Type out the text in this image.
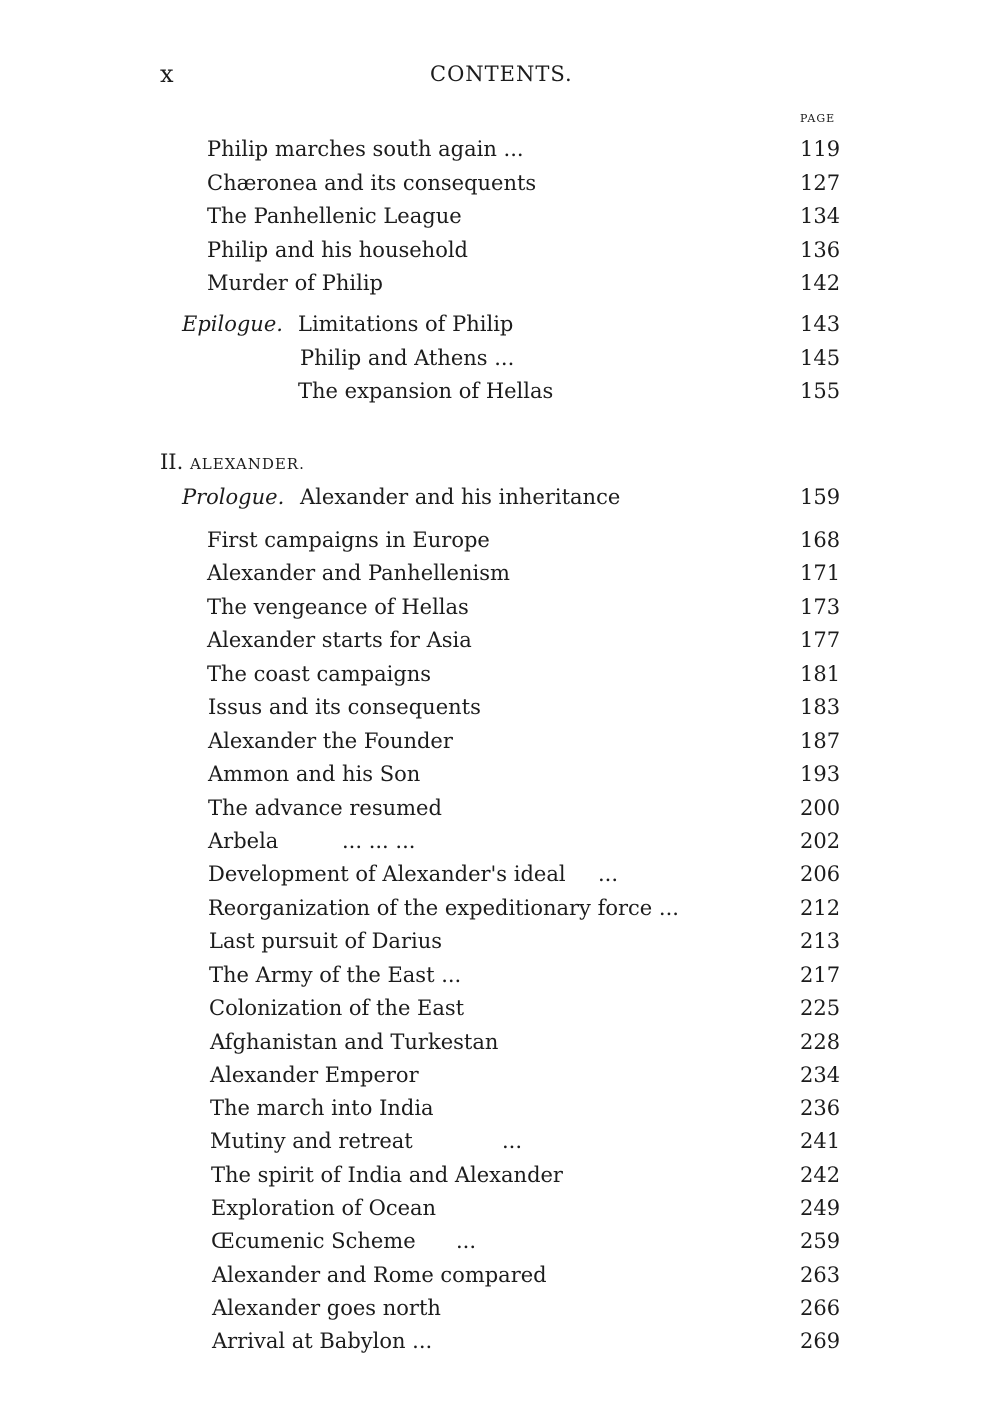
x	CONTENTS.
PAGE
Philip marches south again ...	119
Chæronea and its consequents	127
The Panhellenic League	134
Philip and his household	136
Murder of Philip	142
Epilogue. Limitations of Philip	143
Philip and Athens ...	145
The expansion of Hellas	155
II. ALEXANDER.
Prologue. Alexander and his inheritance	159
First campaigns in Europe	168
Alexander and Panhellenism	171
The vengeance of Hellas	173
Alexander starts for Asia	177
The coast campaigns	181
Issus and its consequents	183
Alexander the Founder	187
Ammon and his Son	193
The advance resumed	200
Arbela	... ... ...	202
Development of Alexander's ideal ...	206
Reorganization of the expeditionary force ...	212
Last pursuit of Darius	213
The Army of the East ...	217
Colonization of the East	225
Afghanistan and Turkestan	228
Alexander Emperor	234
The march into India	236
Mutiny and retreat	...	241
The spirit of India and Alexander	242
Exploration of Ocean	249
Œcumenic Scheme ...	259
Alexander and Rome compared	263
Alexander goes north	266
Arrival at Babylon ...	269
